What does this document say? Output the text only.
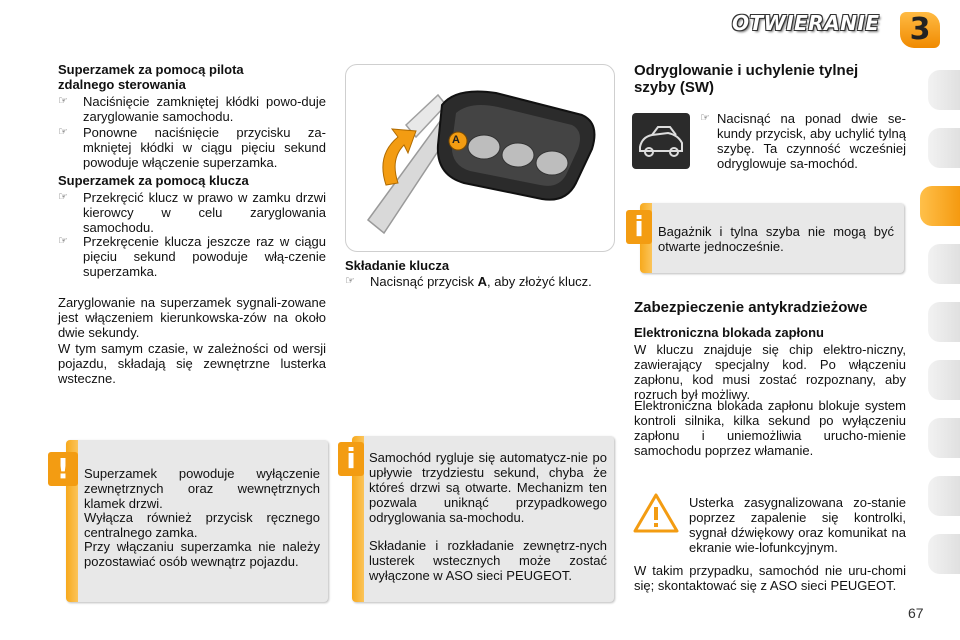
OTWIERANIE	3
Superzamek za pomocą pilota zdalnego sterowania
☞ Naciśnięcie zamkniętej kłódki powo-duje zaryglowanie samochodu.
☞ Ponowne naciśnięcie przycisku za-mkniętej kłódki w ciągu pięciu sekund powoduje włączenie superzamka.
Superzamek za pomocą klucza
☞ Przekręcić klucz w prawo w zamku drzwi kierowcy w celu zaryglowania samochodu.
☞ Przekręcenie klucza jeszcze raz w ciągu pięciu sekund powoduje włą-czenie superzamka.
Zaryglowanie na superzamek sygnali-zowane jest włączeniem kierunkowska-zów na około dwie sekundy.
W tym samym czasie, w zależności od wersji pojazdu, składają się zewnętrzne lusterka wsteczne.
Superzamek powoduje wyłączenie zewnętrznych oraz wewnętrznych klamek drzwi.
Wyłącza również przycisk ręcznego centralnego zamka.
Przy włączaniu superzamka nie należy pozostawiać osób wewnątrz pojazdu.
!
A
Składanie klucza
☞ Nacisnąć przycisk A, aby złożyć klucz.
Samochód rygluje się automatycz-nie po upływie trzydziestu sekund, chyba że któreś drzwi są otwarte. Mechanizm ten pozwala uniknąć przypadkowego odryglowania sa-mochodu.
Składanie i rozkładanie zewnętrz-nych lusterek wstecznych może zostać wyłączone w ASO sieci PEUGEOT.
i
Odryglowanie i uchylenie tylnej szyby (SW)
☞ Nacisnąć na ponad dwie se-kundy przycisk, aby uchylić tylną szybę. Ta czynność wcześniej odryglowuje sa-mochód.
Bagażnik i tylna szyba nie mogą być otwarte jednocześnie.
i
Zabezpieczenie antykradzieżowe
Elektroniczna blokada zapłonu
W kluczu znajduje się chip elektro-niczny, zawierający specjalny kod. Po włączeniu zapłonu, kod musi zostać rozpoznany, aby rozruch był możliwy.
Elektroniczna blokada zapłonu blokuje system kontroli silnika, kilka sekund po wyłączeniu zapłonu i uniemożliwia urucho-mienie samochodu poprzez włamanie.
Usterka zasygnalizowana zo-stanie poprzez zapalenie się kontrolki, sygnał dźwiękowy oraz komunikat na ekranie wie-lofunkcyjnym.
W takim przypadku, samochód nie uru-chomi się; skontaktować się z ASO sieci PEUGEOT.
67
